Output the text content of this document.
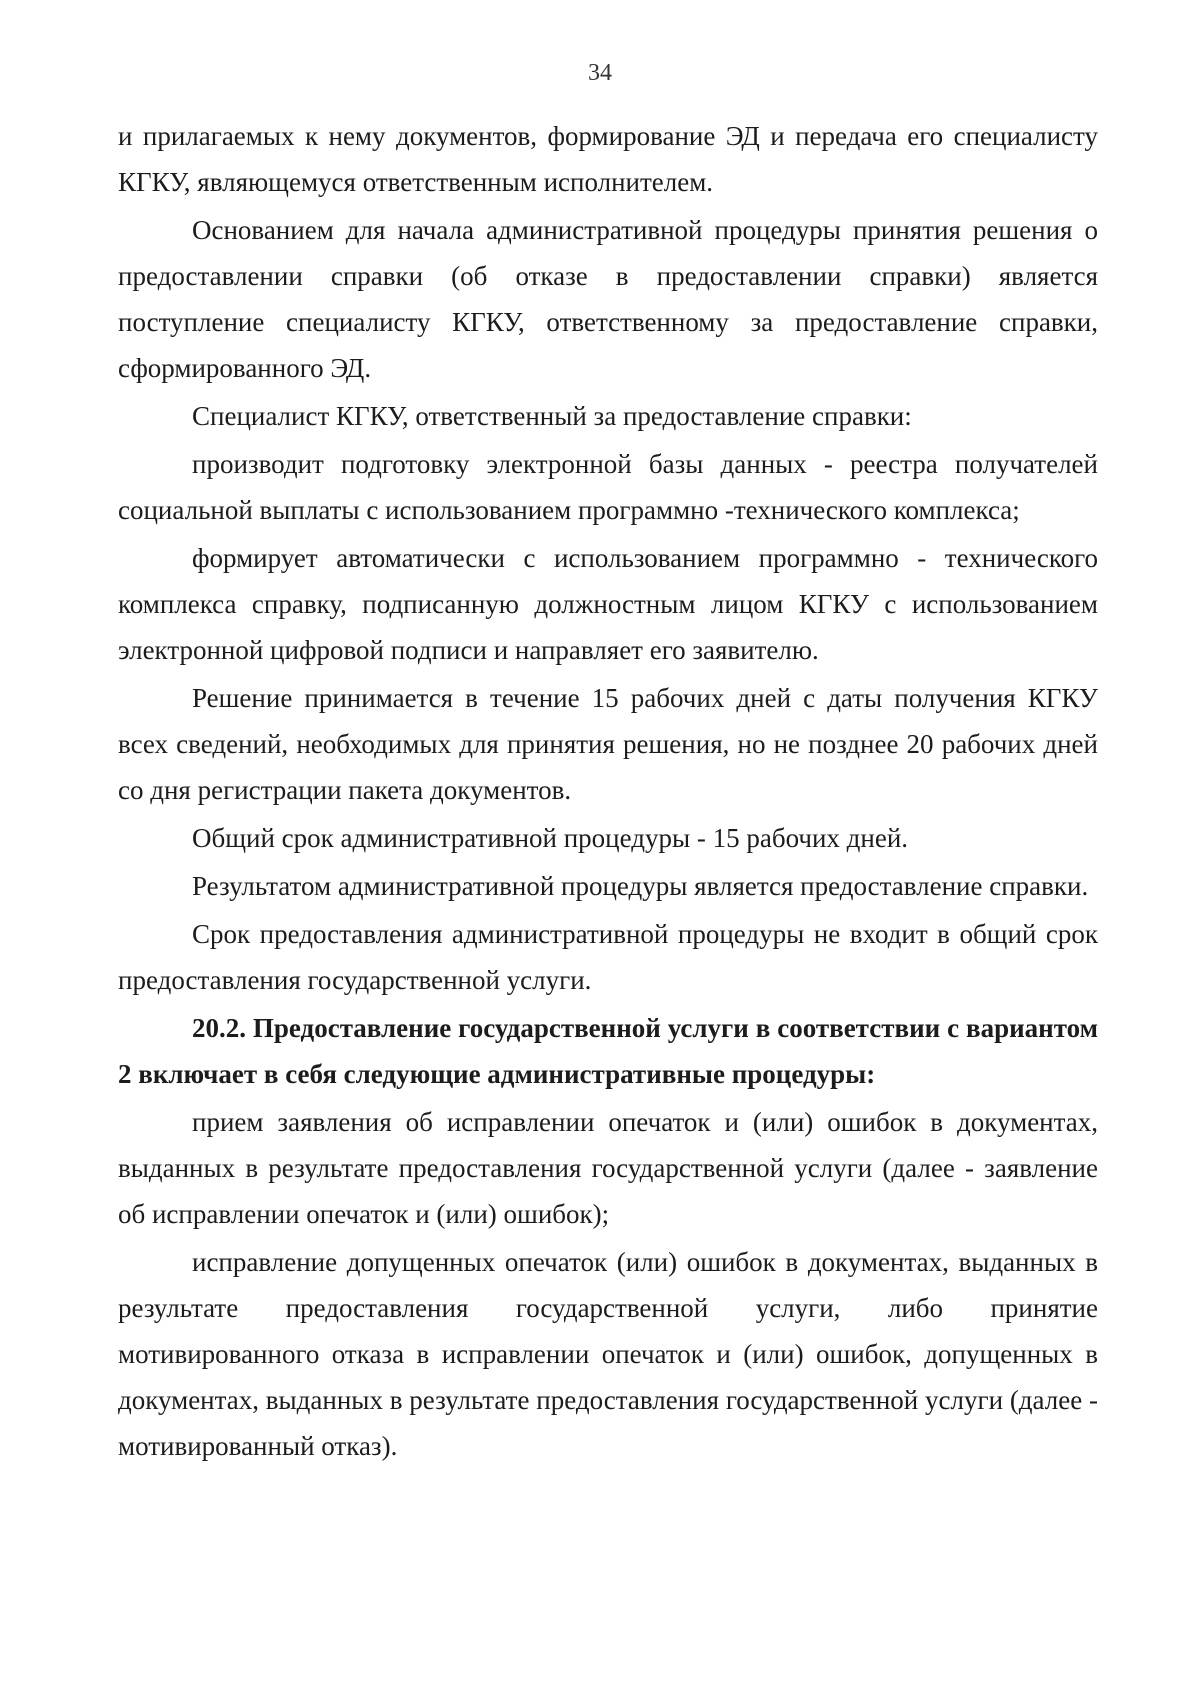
34

и прилагаемых к нему документов, формирование ЭД и передача его специалисту КГКУ, являющемуся ответственным исполнителем.

Основанием для начала административной процедуры принятия решения о предоставлении справки (об отказе в предоставлении справки) является поступление специалисту КГКУ, ответственному за предоставление справки, сформированного ЭД.

Специалист КГКУ, ответственный за предоставление справки:

производит подготовку электронной базы данных - реестра получателей социальной выплаты с использованием программно -технического комплекса;

формирует автоматически с использованием программно - технического комплекса справку, подписанную должностным лицом КГКУ с использованием электронной цифровой подписи и направляет его заявителю.

Решение принимается в течение 15 рабочих дней с даты получения КГКУ всех сведений, необходимых для принятия решения, но не позднее 20 рабочих дней со дня регистрации пакета документов.

Общий срок административной процедуры - 15 рабочих дней.

Результатом административной процедуры является предоставление справки.

Срок предоставления административной процедуры не входит в общий срок предоставления государственной услуги.

20.2. Предоставление государственной услуги в соответствии с вариантом 2 включает в себя следующие административные процедуры:

прием заявления об исправлении опечаток и (или) ошибок в документах, выданных в результате предоставления государственной услуги (далее - заявление об исправлении опечаток и (или) ошибок);

исправление допущенных опечаток (или) ошибок в документах, выданных в результате предоставления государственной услуги, либо принятие мотивированного отказа в исправлении опечаток и (или) ошибок, допущенных в документах, выданных в результате предоставления государственной услуги (далее - мотивированный отказ).
